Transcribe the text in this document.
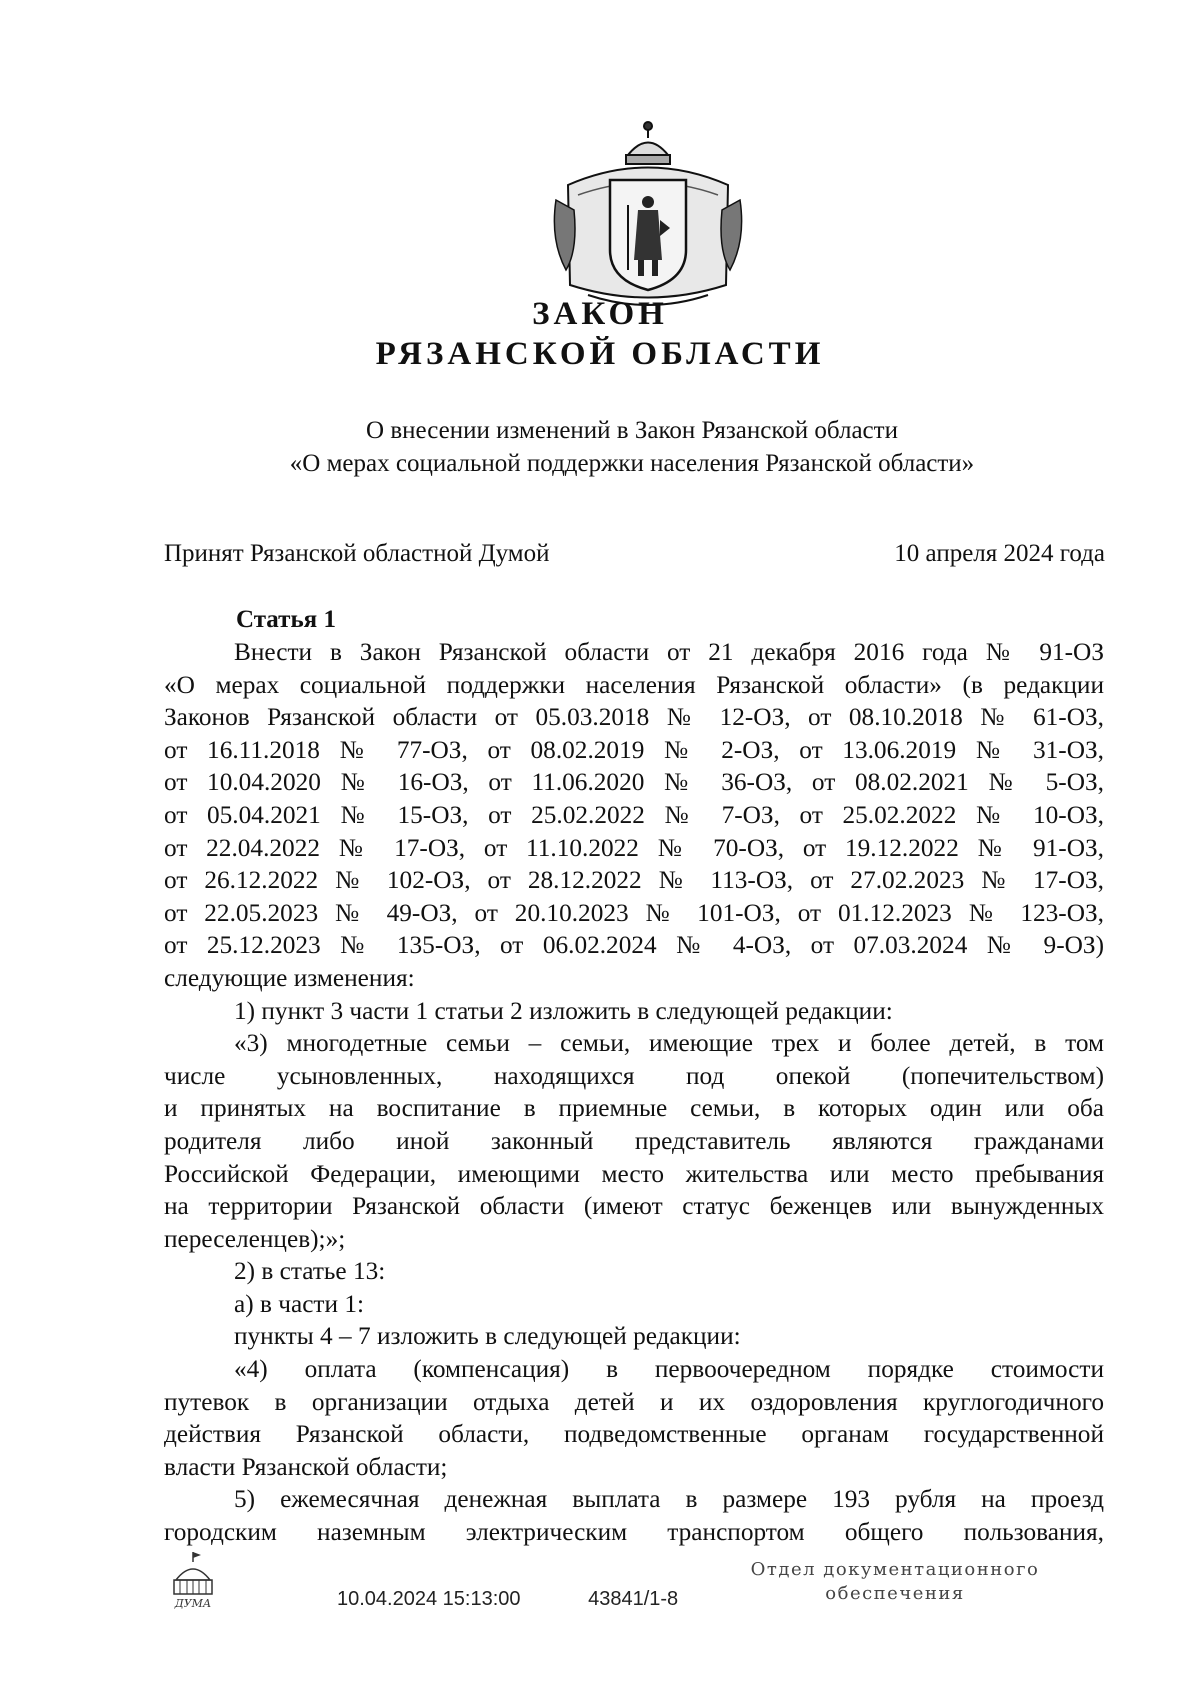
ЗАКОН
РЯЗАНСКОЙ ОБЛАСТИ
О внесении изменений в Закон Рязанской области
«О мерах социальной поддержки населения Рязанской области»
Принят Рязанской областной Думой	10 апреля 2024 года
Статья 1

Внести в Закон Рязанской области от 21 декабря 2016 года № 91-ОЗ

«О мерах социальной поддержки населения Рязанской области» (в редакции

Законов Рязанской области от 05.03.2018 № 12-ОЗ, от 08.10.2018 № 61-ОЗ,

от 16.11.2018 № 77-ОЗ, от 08.02.2019 № 2-ОЗ, от 13.06.2019 № 31-ОЗ,

от 10.04.2020 № 16-ОЗ, от 11.06.2020 № 36-ОЗ, от 08.02.2021 № 5-ОЗ,

от 05.04.2021 № 15-ОЗ, от 25.02.2022 № 7-ОЗ, от 25.02.2022 № 10-ОЗ,

от 22.04.2022 № 17-ОЗ, от 11.10.2022 № 70-ОЗ, от 19.12.2022 № 91-ОЗ,

от 26.12.2022 № 102-ОЗ, от 28.12.2022 № 113-ОЗ, от 27.02.2023 № 17-ОЗ,

от 22.05.2023 № 49-ОЗ, от 20.10.2023 № 101-ОЗ, от 01.12.2023 № 123-ОЗ,

от 25.12.2023 № 135-ОЗ, от 06.02.2024 № 4-ОЗ, от 07.03.2024 № 9-ОЗ)

следующие изменения:

1) пункт 3 части 1 статьи 2 изложить в следующей редакции:

«3) многодетные семьи – семьи, имеющие трех и более детей, в том

числе усыновленных, находящихся под опекой (попечительством)

и принятых на воспитание в приемные семьи, в которых один или оба

родителя либо иной законный представитель являются гражданами

Российской Федерации, имеющими место жительства или место пребывания

на территории Рязанской области (имеют статус беженцев или вынужденных

переселенцев);»;

2) в статье 13:

а) в части 1:

пункты 4 – 7 изложить в следующей редакции:

«4) оплата (компенсация) в первоочередном порядке стоимости

путевок в организации отдыха детей и их оздоровления круглогодичного

действия Рязанской области, подведомственные органам государственной

власти Рязанской области;

5) ежемесячная денежная выплата в размере 193 рубля на проезд

городским наземным электрическим транспортом общего пользования,

ДУМА	10.04.2024 15:13:00	43841/1-8
Отдел документационного
обеспечения
